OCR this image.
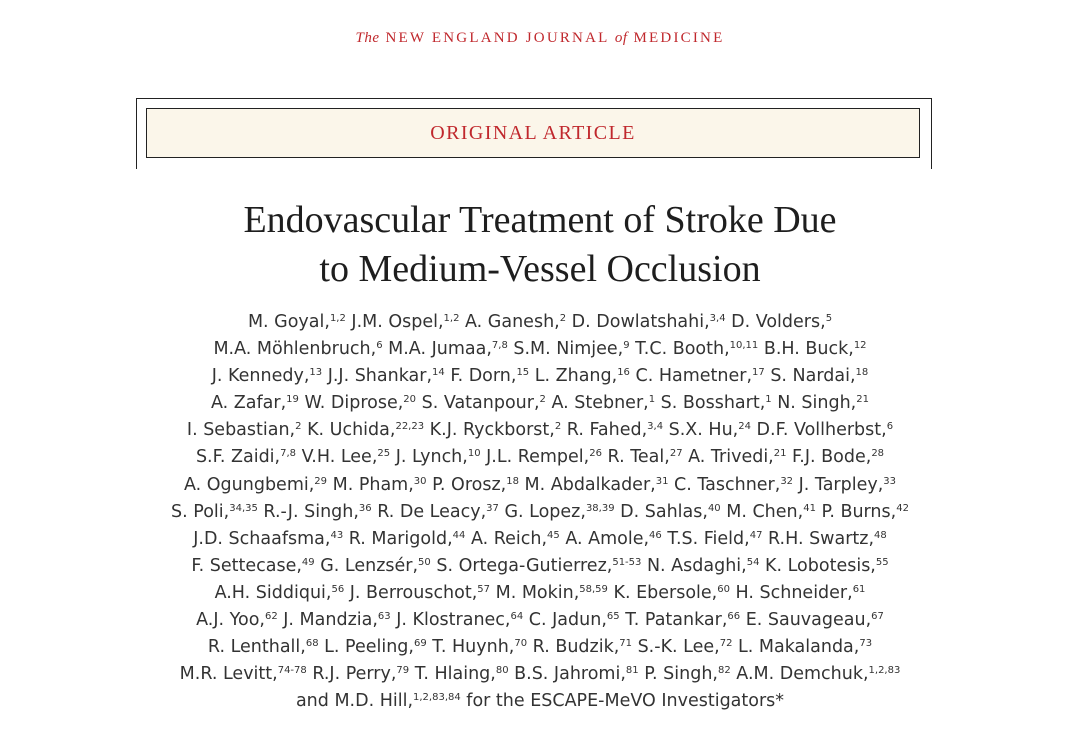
The NEW ENGLAND JOURNAL of MEDICINE
ORIGINAL ARTICLE
Endovascular Treatment of Stroke Due
to Medium-Vessel Occlusion
M. Goyal,$^{1,2}$ J.M. Ospel,$^{1,2}$ A. Ganesh,$^2$ D. Dowlatshahi,$^{3,4}$ D. Volders,$^5$
M.A. Möhlenbruch,$^6$ M.A. Jumaa,$^{7,8}$ S.M. Nimjee,$^9$ T.C. Booth,$^{10,11}$ B.H. Buck,$^{12}$
J. Kennedy,$^{13}$ J.J. Shankar,$^{14}$ F. Dorn,$^{15}$ L. Zhang,$^{16}$ C. Hametner,$^{17}$ S. Nardai,$^{18}$
A. Zafar,$^{19}$ W. Diprose,$^{20}$ S. Vatanpour,$^2$ A. Stebner,$^1$ S. Bosshart,$^1$ N. Singh,$^{21}$
I. Sebastian,$^2$ K. Uchida,$^{22,23}$ K.J. Ryckborst,$^2$ R. Fahed,$^{3,4}$ S.X. Hu,$^{24}$ D.F. Vollherbst,$^6$
S.F. Zaidi,$^{7,8}$ V.H. Lee,$^{25}$ J. Lynch,$^{10}$ J.L. Rempel,$^{26}$ R. Teal,$^{27}$ A. Trivedi,$^{21}$ F.J. Bode,$^{28}$
A. Ogungbemi,$^{29}$ M. Pham,$^{30}$ P. Orosz,$^{18}$ M. Abdalkader,$^{31}$ C. Taschner,$^{32}$ J. Tarpley,$^{33}$
S. Poli,$^{34,35}$ R.-J. Singh,$^{36}$ R. De Leacy,$^{37}$ G. Lopez,$^{38,39}$ D. Sahlas,$^{40}$ M. Chen,$^{41}$ P. Burns,$^{42}$
J.D. Schaafsma,$^{43}$ R. Marigold,$^{44}$ A. Reich,$^{45}$ A. Amole,$^{46}$ T.S. Field,$^{47}$ R.H. Swartz,$^{48}$
F. Settecase,$^{49}$ G. Lenzsér,$^{50}$ S. Ortega-Gutierrez,$^{51-53}$ N. Asdaghi,$^{54}$ K. Lobotesis,$^{55}$
A.H. Siddiqui,$^{56}$ J. Berrouschot,$^{57}$ M. Mokin,$^{58,59}$ K. Ebersole,$^{60}$ H. Schneider,$^{61}$
A.J. Yoo,$^{62}$ J. Mandzia,$^{63}$ J. Klostranec,$^{64}$ C. Jadun,$^{65}$ T. Patankar,$^{66}$ E. Sauvageau,$^{67}$
R. Lenthall,$^{68}$ L. Peeling,$^{69}$ T. Huynh,$^{70}$ R. Budzik,$^{71}$ S.-K. Lee,$^{72}$ L. Makalanda,$^{73}$
M.R. Levitt,$^{74-78}$ R.J. Perry,$^{79}$ T. Hlaing,$^{80}$ B.S. Jahromi,$^{81}$ P. Singh,$^{82}$ A.M. Demchuk,$^{1,2,83}$
and M.D. Hill,$^{1,2,83,84}$ for the ESCAPE-MeVO Investigators*
